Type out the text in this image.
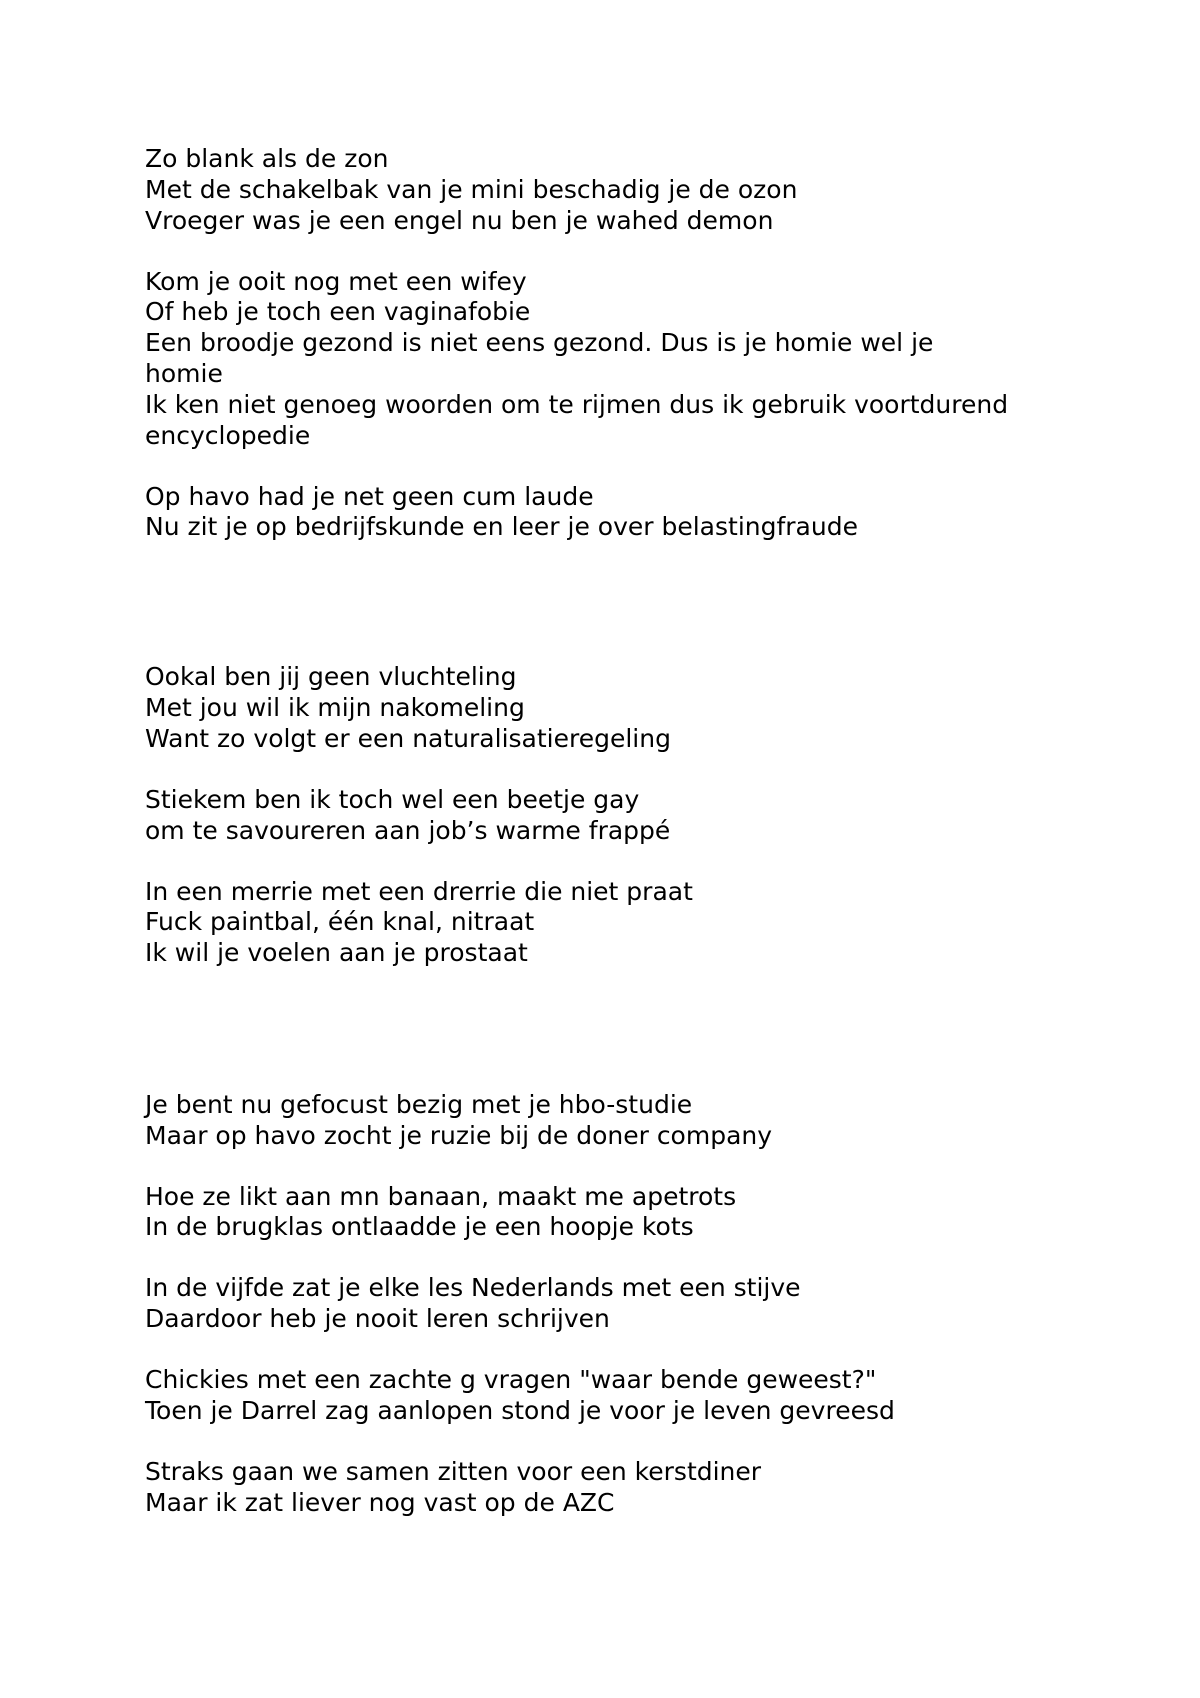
Zo blank als de zon
Met de schakelbak van je mini beschadig je de ozon
Vroeger was je een engel nu ben je wahed demon
Kom je ooit nog met een wifey
Of heb je toch een vaginafobie
Een broodje gezond is niet eens gezond. Dus is je homie wel je
homie
Ik ken niet genoeg woorden om te rijmen dus ik gebruik voortdurend
encyclopedie
Op havo had je net geen cum laude
Nu zit je op bedrijfskunde en leer je over belastingfraude
Ookal ben jij geen vluchteling
Met jou wil ik mijn nakomeling
Want zo volgt er een naturalisatieregeling
Stiekem ben ik toch wel een beetje gay
om te savoureren aan job’s warme frappé
In een merrie met een drerrie die niet praat
Fuck paintbal, één knal, nitraat
Ik wil je voelen aan je prostaat
Je bent nu gefocust bezig met je hbo-studie
Maar op havo zocht je ruzie bij de doner company
Hoe ze likt aan mn banaan, maakt me apetrots
In de brugklas ontlaadde je een hoopje kots
In de vijfde zat je elke les Nederlands met een stijve
Daardoor heb je nooit leren schrijven
Chickies met een zachte g vragen "waar bende geweest?"
Toen je Darrel zag aanlopen stond je voor je leven gevreesd
Straks gaan we samen zitten voor een kerstdiner
Maar ik zat liever nog vast op de AZC
